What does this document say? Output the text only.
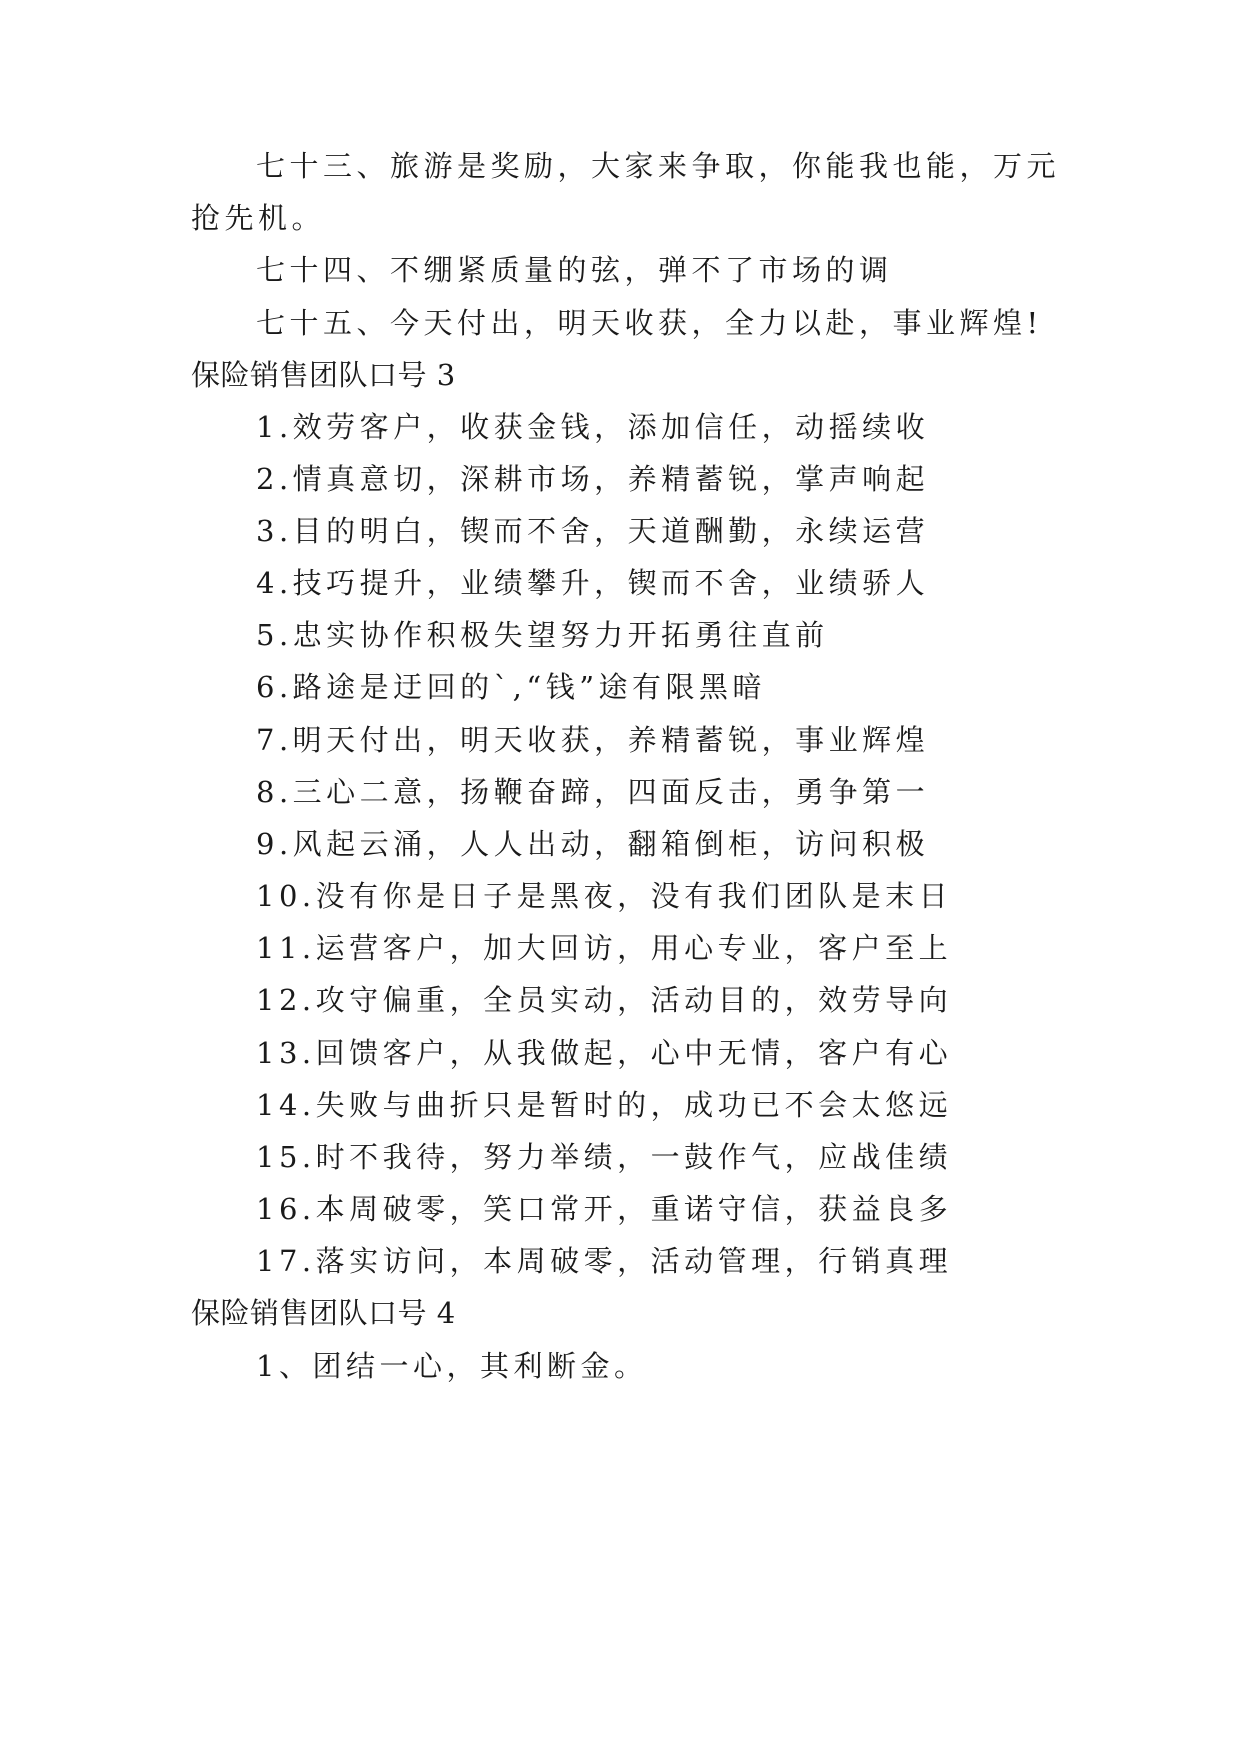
七十三、旅游是奖励，大家来争取，你能我也能，万元
抢先机。
七十四、不绷紧质量的弦，弹不了市场的调
七十五、今天付出，明天收获，全力以赴，事业辉煌!
保险销售团队口号 3
1.效劳客户，收获金钱，添加信任，动摇续收
2.情真意切，深耕市场，养精蓄锐，掌声响起
3.目的明白，锲而不舍，天道酬勤，永续运营
4.技巧提升，业绩攀升，锲而不舍，业绩骄人
5.忠实协作积极失望努力开拓勇往直前
6.路途是迂回的`,“钱”途有限黑暗
7.明天付出，明天收获，养精蓄锐，事业辉煌
8.三心二意，扬鞭奋蹄，四面反击，勇争第一
9.风起云涌，人人出动，翻箱倒柜，访问积极
10.没有你是日子是黑夜，没有我们团队是末日
11.运营客户，加大回访，用心专业，客户至上
12.攻守偏重，全员实动，活动目的，效劳导向
13.回馈客户，从我做起，心中无情，客户有心
14.失败与曲折只是暂时的，成功已不会太悠远
15.时不我待，努力举绩，一鼓作气，应战佳绩
16.本周破零，笑口常开，重诺守信，获益良多
17.落实访问，本周破零，活动管理，行销真理
保险销售团队口号 4
1、团结一心，其利断金。
